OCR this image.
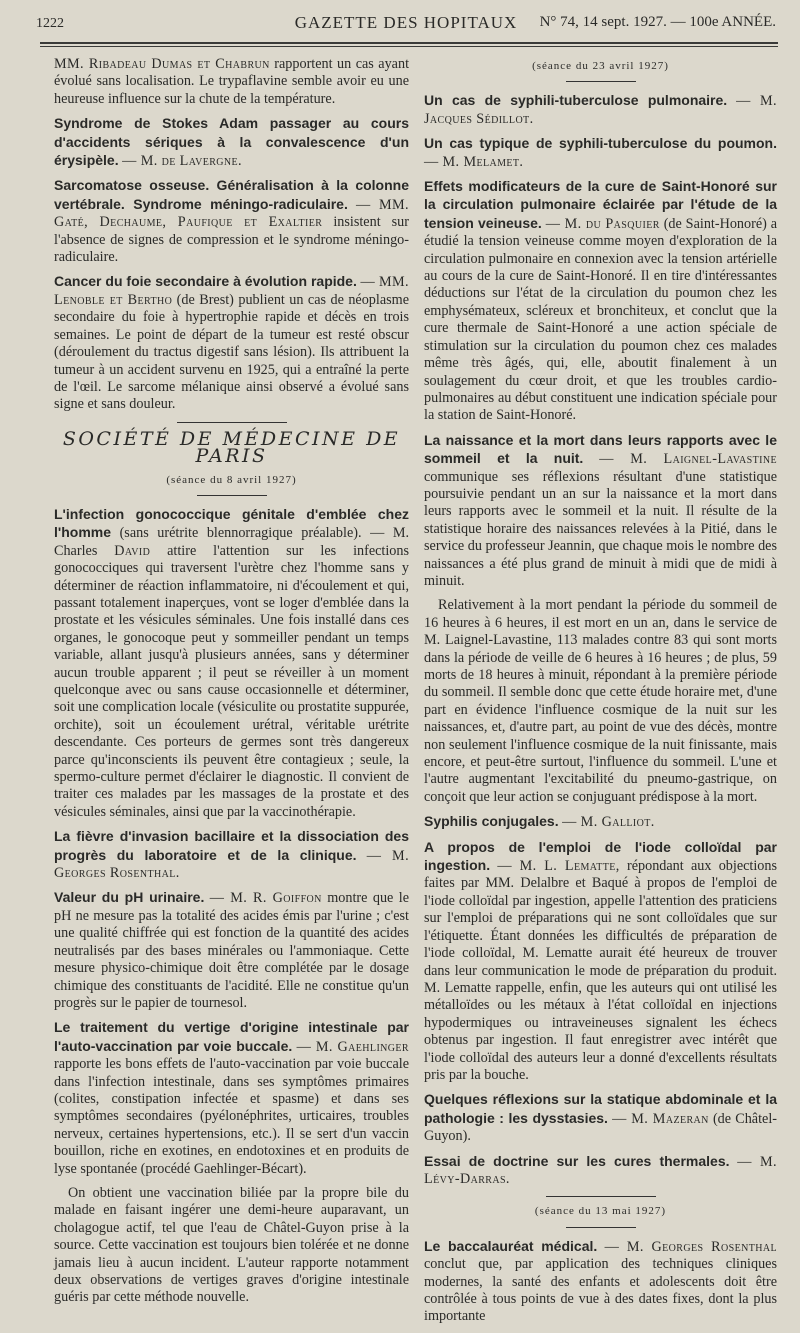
1222	GAZETTE DES HOPITAUX	N° 74, 14 sept. 1927. — 100e ANNÉE.

MM. Ribadeau Dumas et Chabrun rapportent un cas ayant évolué sans localisation. Le trypaflavine semble avoir eu une heureuse influence sur la chute de la température.

Syndrome de Stokes Adam passager au cours d'accidents sériques à la convalescence d'un érysipèle. — M. de Lavergne.

Sarcomatose osseuse. Généralisation à la colonne vertébrale. Syndrome méningo-radiculaire. — MM. Gaté, Dechaume, Paufique et Exaltier insistent sur l'absence de signes de compression et le syndrome méningo-radiculaire.

Cancer du foie secondaire à évolution rapide. — MM. Lenoble et Bertho (de Brest) publient un cas de néoplasme secondaire du foie à hypertrophie rapide et décès en trois semaines. Le point de départ de la tumeur est resté obscur (déroulement du tractus digestif sans lésion). Ils attribuent la tumeur à un accident survenu en 1925, qui a entraîné la perte de l'œil. Le sarcome mélanique ainsi observé a évolué sans signe et sans douleur.

SOCIÉTÉ DE MÉDECINE DE PARIS
(séance du 8 avril 1927)

L'infection gonococcique génitale d'emblée chez l'homme (sans urétrite blennorragique préalable). — M. Charles David attire l'attention sur les infections gonococciques qui traversent l'urètre chez l'homme sans y déterminer de réaction inflammatoire, ni d'écoulement et qui, passant totalement inaperçues, vont se loger d'emblée dans la prostate et les vésicules séminales. Une fois installé dans ces organes, le gonocoque peut y sommeiller pendant un temps variable, allant jusqu'à plusieurs années, sans y déterminer aucun trouble apparent ; il peut se réveiller à un moment quelconque avec ou sans cause occasionnelle et déterminer, soit une complication locale (vésiculite ou prostatite suppurée, orchite), soit un écoulement urétral, véritable urétrite descendante. Ces porteurs de germes sont très dangereux parce qu'inconscients ils peuvent être contagieux ; seule, la spermo-culture permet d'éclairer le diagnostic. Il convient de traiter ces malades par les massages de la prostate et des vésicules séminales, ainsi que par la vaccinothérapie.

La fièvre d'invasion bacillaire et la dissociation des progrès du laboratoire et de la clinique. — M. Georges Rosenthal.

Valeur du pH urinaire. — M. R. Goiffon montre que le pH ne mesure pas la totalité des acides émis par l'urine ; c'est une qualité chiffrée qui est fonction de la quantité des acides neutralisés par des bases minérales ou l'ammoniaque. Cette mesure physico-chimique doit être complétée par le dosage chimique des constituants de l'acidité. Elle ne constitue qu'un progrès sur le papier de tournesol.

Le traitement du vertige d'origine intestinale par l'auto-vaccination par voie buccale. — M. Gaehlinger rapporte les bons effets de l'auto-vaccination par voie buccale dans l'infection intestinale, dans ses symptômes primaires (colites, constipation infectée et spasme) et dans ses symptômes secondaires (pyélonéphrites, urticaires, troubles nerveux, certaines hypertensions, etc.). Il se sert d'un vaccin bouillon, riche en exotines, en endotoxines et en produits de lyse spontanée (procédé Gaehlinger-Bécart).

On obtient une vaccination biliée par la propre bile du malade en faisant ingérer une demi-heure auparavant, un cholagogue actif, tel que l'eau de Châtel-Guyon prise à la source. Cette vaccination est toujours bien tolérée et ne donne jamais lieu à aucun incident. L'auteur rapporte notamment deux observations de vertiges graves d'origine intestinale guéris par cette méthode nouvelle.

(séance du 23 avril 1927)

Un cas de syphili-tuberculose pulmonaire. — M. Jacques Sédillot.

Un cas typique de syphili-tuberculose du poumon. — M. Melamet.

Effets modificateurs de la cure de Saint-Honoré sur la circulation pulmonaire éclairée par l'étude de la tension veineuse. — M. du Pasquier (de Saint-Honoré) a étudié la tension veineuse comme moyen d'exploration de la circulation pulmonaire en connexion avec la tension artérielle au cours de la cure de Saint-Honoré. Il en tire d'intéressantes déductions sur l'état de la circulation du poumon chez les emphysémateux, scléreux et bronchiteux, et conclut que la cure thermale de Saint-Honoré a une action spéciale de stimulation sur la circulation du poumon chez ces malades même très âgés, qui, elle, aboutit finalement à un soulagement du cœur droit, et que les troubles cardio-pulmonaires au début constituent une indication spéciale pour la station de Saint-Honoré.

La naissance et la mort dans leurs rapports avec le sommeil et la nuit. — M. Laignel-Lavastine communique ses réflexions résultant d'une statistique poursuivie pendant un an sur la naissance et la mort dans leurs rapports avec le sommeil et la nuit. Il résulte de la statistique horaire des naissances relevées à la Pitié, dans le service du professeur Jeannin, que chaque mois le nombre des naissances a été plus grand de minuit à midi que de midi à minuit.

Relativement à la mort pendant la période du sommeil de 16 heures à 6 heures, il est mort en un an, dans le service de M. Laignel-Lavastine, 113 malades contre 83 qui sont morts dans la période de veille de 6 heures à 16 heures ; de plus, 59 morts de 18 heures à minuit, répondant à la première période du sommeil. Il semble donc que cette étude horaire met, d'une part en évidence l'influence cosmique de la nuit sur les naissances, et, d'autre part, au point de vue des décès, montre non seulement l'influence cosmique de la nuit finissante, mais encore, et peut-être surtout, l'influence du sommeil. L'une et l'autre augmentant l'excitabilité du pneumo-gastrique, on conçoit que leur action se conjuguant prédispose à la mort.

Syphilis conjugales. — M. Galliot.

A propos de l'emploi de l'iode colloïdal par ingestion. — M. L. Lematte, répondant aux objections faites par MM. Delalbre et Baqué à propos de l'emploi de l'iode colloïdal par ingestion, appelle l'attention des praticiens sur l'emploi de préparations qui ne sont colloïdales que sur l'étiquette. Étant données les difficultés de préparation de l'iode colloïdal, M. Lematte aurait été heureux de trouver dans leur communication le mode de préparation du produit. M. Lematte rappelle, enfin, que les auteurs qui ont utilisé les métalloïdes ou les métaux à l'état colloïdal en injections hypodermiques ou intraveineuses signalent les échecs obtenus par ingestion. Il faut enregistrer avec intérêt que l'iode colloïdal des auteurs leur a donné d'excellents résultats pris par la bouche.

Quelques réflexions sur la statique abdominale et la pathologie : les dysstasies. — M. Mazeran (de Châtel-Guyon).

Essai de doctrine sur les cures thermales. — M. Lévy-Darras.

(séance du 13 mai 1927)

Le baccalauréat médical. — M. Georges Rosenthal conclut que, par application des techniques cliniques modernes, la santé des enfants et adolescents doit être contrôlée à tous points de vue à des dates fixes, dont la plus importante
